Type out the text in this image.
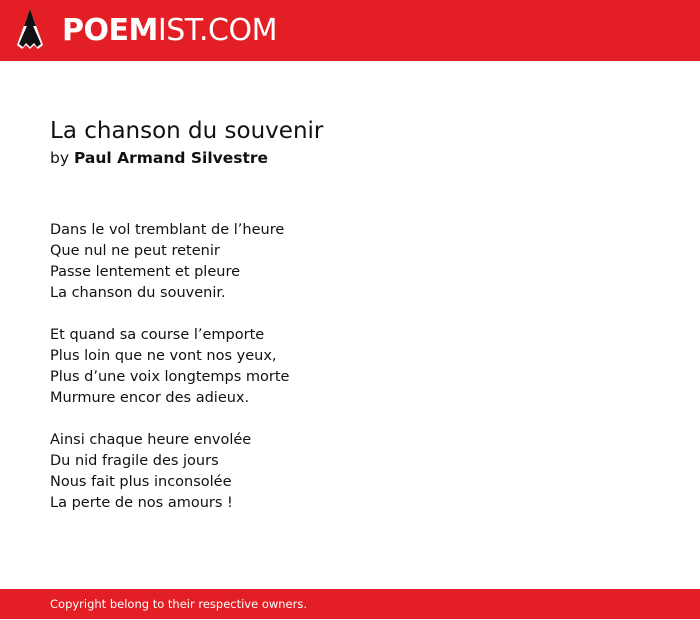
POEMIST.COM
La chanson du souvenir
by Paul Armand Silvestre
Dans le vol tremblant de l’heure
Que nul ne peut retenir
Passe lentement et pleure
La chanson du souvenir.
Et quand sa course l’emporte
Plus loin que ne vont nos yeux,
Plus d’une voix longtemps morte
Murmure encor des adieux.
Ainsi chaque heure envolée
Du nid fragile des jours
Nous fait plus inconsolée
La perte de nos amours !
Copyright belong to their respective owners.
